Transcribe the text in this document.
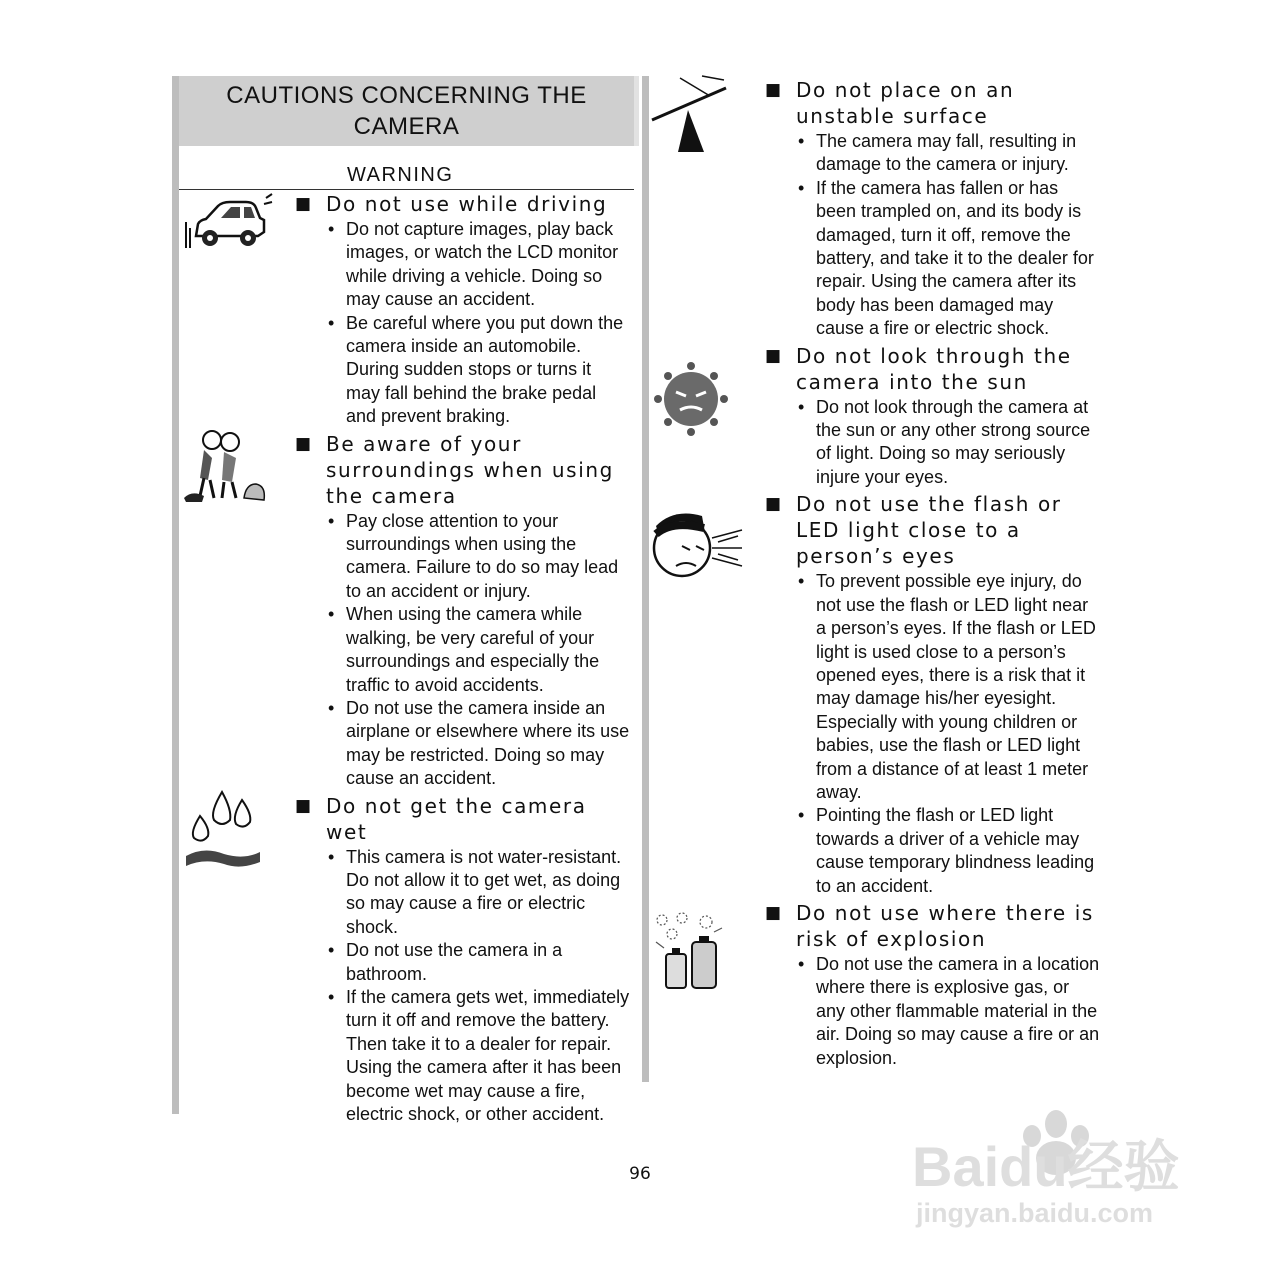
CAUTIONS CONCERNING THE CAMERA
WARNING
■ Do not use while driving
• Do not capture images, play back images, or watch the LCD monitor while driving a vehicle. Doing so may cause an accident.
• Be careful where you put down the camera inside an automobile. During sudden stops or turns it may fall behind the brake pedal and prevent braking.
■ Be aware of your surroundings when using the camera
• Pay close attention to your surroundings when using the camera. Failure to do so may lead to an accident or injury.
• When using the camera while walking, be very careful of your surroundings and especially the traffic to avoid accidents.
• Do not use the camera inside an airplane or elsewhere where its use may be restricted. Doing so may cause an accident.
■ Do not get the camera wet
• This camera is not water-resistant. Do not allow it to get wet, as doing so may cause a fire or electric shock.
• Do not use the camera in a bathroom.
• If the camera gets wet, immediately turn it off and remove the battery. Then take it to a dealer for repair. Using the camera after it has been become wet may cause a fire, electric shock, or other accident.
■ Do not place on an unstable surface
• The camera may fall, resulting in damage to the camera or injury.
• If the camera has fallen or has been trampled on, and its body is damaged, turn it off, remove the battery, and take it to the dealer for repair. Using the camera after its body has been damaged may cause a fire or electric shock.
■ Do not look through the camera into the sun
• Do not look through the camera at the sun or any other strong source of light. Doing so may seriously injure your eyes.
■ Do not use the flash or LED light close to a person’s eyes
• To prevent possible eye injury, do not use the flash or LED light near a person’s eyes. If the flash or LED light is used close to a person’s opened eyes, there is a risk that it may damage his/her eyesight. Especially with young children or babies, use the flash or LED light from a distance of at least 1 meter away.
• Pointing the flash or LED light towards a driver of a vehicle may cause temporary blindness leading to an accident.
■ Do not use where there is risk of explosion
• Do not use the camera in a location where there is explosive gas, or any other flammable material in the air. Doing so may cause a fire or an explosion.
96	Baidu经验
jingyan.baidu.com
